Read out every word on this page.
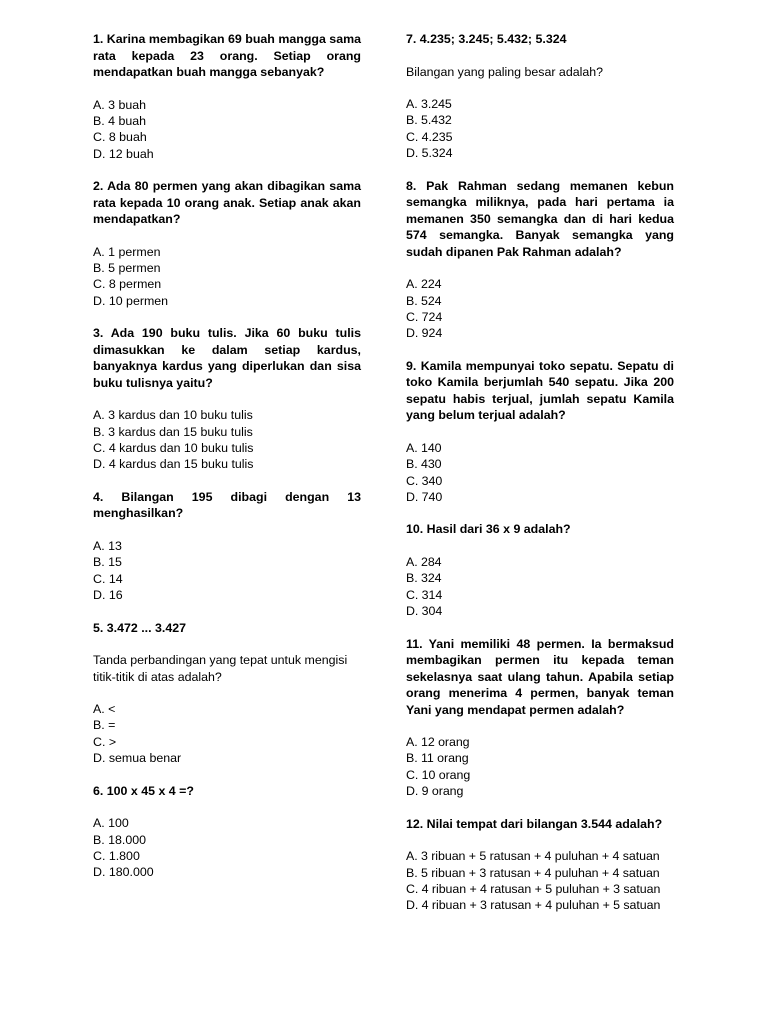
1. Karina membagikan 69 buah mangga sama rata kepada 23 orang. Setiap orang mendapatkan buah mangga sebanyak?
A. 3 buah
B. 4 buah
C. 8 buah
D. 12 buah
2. Ada 80 permen yang akan dibagikan sama rata kepada 10 orang anak. Setiap anak akan mendapatkan?
A. 1 permen
B. 5 permen
C. 8 permen
D. 10 permen
3. Ada 190 buku tulis. Jika 60 buku tulis dimasukkan ke dalam setiap kardus, banyaknya kardus yang diperlukan dan sisa buku tulisnya yaitu?
A. 3 kardus dan 10 buku tulis
B. 3 kardus dan 15 buku tulis
C. 4 kardus dan 10 buku tulis
D. 4 kardus dan 15 buku tulis
4. Bilangan 195 dibagi dengan 13 menghasilkan?
A. 13
B. 15
C. 14
D. 16
5. 3.472 ... 3.427
Tanda perbandingan yang tepat untuk mengisi titik-titik di atas adalah?
A. <
B. =
C. >
D. semua benar
6. 100 x 45 x 4 =?
A. 100
B. 18.000
C. 1.800
D. 180.000
7. 4.235; 3.245; 5.432; 5.324
Bilangan yang paling besar adalah?
A. 3.245
B. 5.432
C. 4.235
D. 5.324
8. Pak Rahman sedang memanen kebun semangka miliknya, pada hari pertama ia memanen 350 semangka dan di hari kedua 574 semangka. Banyak semangka yang sudah dipanen Pak Rahman adalah?
A. 224
B. 524
C. 724
D. 924
9. Kamila mempunyai toko sepatu. Sepatu di toko Kamila berjumlah 540 sepatu. Jika 200 sepatu habis terjual, jumlah sepatu Kamila yang belum terjual adalah?
A. 140
B. 430
C. 340
D. 740
10. Hasil dari 36 x 9 adalah?
A. 284
B. 324
C. 314
D. 304
11. Yani memiliki 48 permen. Ia bermaksud membagikan permen itu kepada teman sekelasnya saat ulang tahun. Apabila setiap orang menerima 4 permen, banyak teman Yani yang mendapat permen adalah?
A. 12 orang
B. 11 orang
C. 10 orang
D. 9 orang
12. Nilai tempat dari bilangan 3.544 adalah?
A. 3 ribuan + 5 ratusan + 4 puluhan + 4 satuan
B. 5 ribuan + 3 ratusan + 4 puluhan + 4 satuan
C. 4 ribuan + 4 ratusan + 5 puluhan + 3 satuan
D. 4 ribuan + 3 ratusan + 4 puluhan + 5 satuan
